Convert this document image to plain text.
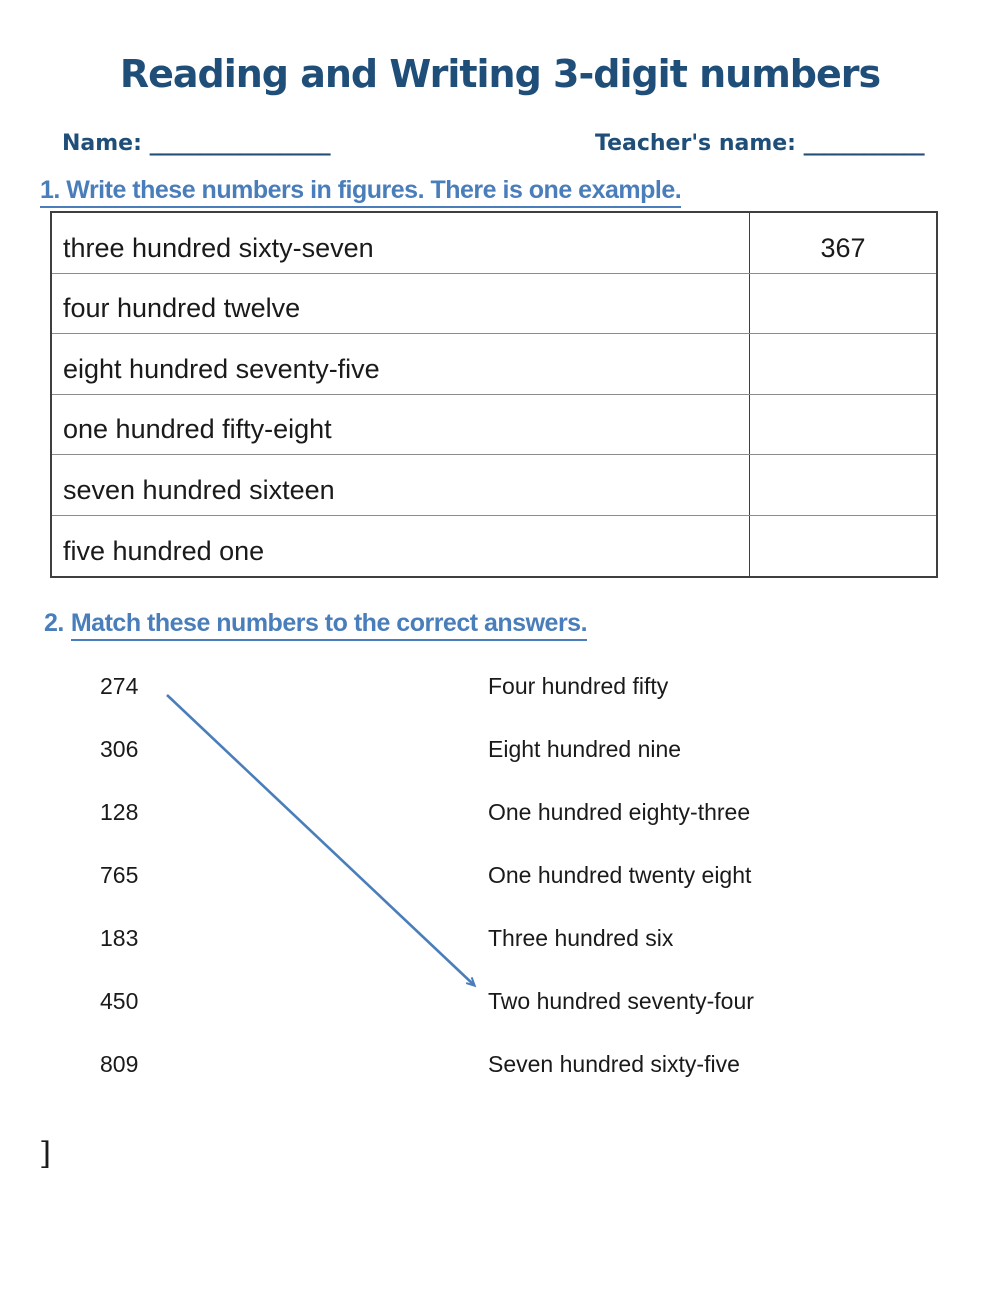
Reading and Writing 3-digit numbers
Name: __________________	Teacher's name: ____________
1. Write these numbers in figures. There is one example.
three hundred sixty-seven	367
four hundred twelve
eight hundred seventy-five
one hundred fifty-eight
seven hundred sixteen
five hundred one
2. Match these numbers to the correct answers.
274	Four hundred fifty
306	Eight hundred nine
128	One hundred eighty-three
765	One hundred twenty eight
183	Three hundred six
450	Two hundred seventy-four
809	Seven hundred sixty-five
]
